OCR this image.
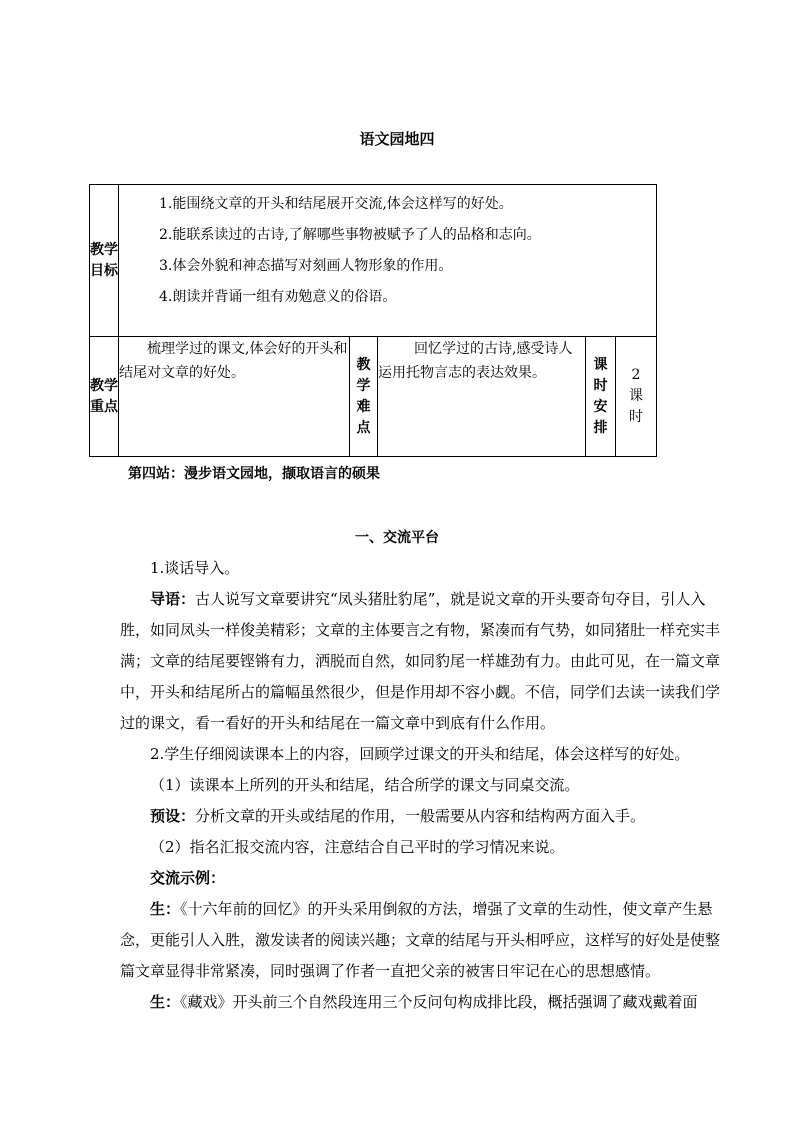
语文园地四
教学目标	1.能围绕文章的开头和结尾展开交流,体会这样写的好处。
2.能联系读过的古诗,了解哪些事物被赋予了人的品格和志向。
3.体会外貌和神态描写对刻画人物形象的作用。
4.朗读并背诵一组有劝勉意义的俗语。				

教学重点	梳理学过的课文,体会好的开头和结尾对文章的好处。	教学难点	回忆学过的古诗,感受诗人运用托物言志的表达效果。	课时安排	2课时
第四站：漫步语文园地，撷取语言的硕果
一、交流平台

1.谈话导入。

导语：古人说写文章要讲究“凤头猪肚豹尾”，就是说文章的开头要奇句夺目，引人入胜，如同凤头一样俊美精彩；文章的主体要言之有物，紧凑而有气势，如同猪肚一样充实丰满；文章的结尾要铿锵有力，洒脱而自然，如同豹尾一样雄劲有力。由此可见，在一篇文章中，开头和结尾所占的篇幅虽然很少，但是作用却不容小觑。不信，同学们去读一读我们学过的课文，看一看好的开头和结尾在一篇文章中到底有什么作用。

2.学生仔细阅读课本上的内容，回顾学过课文的开头和结尾，体会这样写的好处。

（1）读课本上所列的开头和结尾，结合所学的课文与同桌交流。

预设：分析文章的开头或结尾的作用，一般需要从内容和结构两方面入手。

（2）指名汇报交流内容，注意结合自己平时的学习情况来说。

交流示例：

生：《十六年前的回忆》的开头采用倒叙的方法，增强了文章的生动性，使文章产生悬念，更能引人入胜，激发读者的阅读兴趣；文章的结尾与开头相呼应，这样写的好处是使整篇文章显得非常紧凑，同时强调了作者一直把父亲的被害日牢记在心的思想感情。

生：《藏戏》开头前三个自然段连用三个反问句构成排比段，概括强调了藏戏戴着面
